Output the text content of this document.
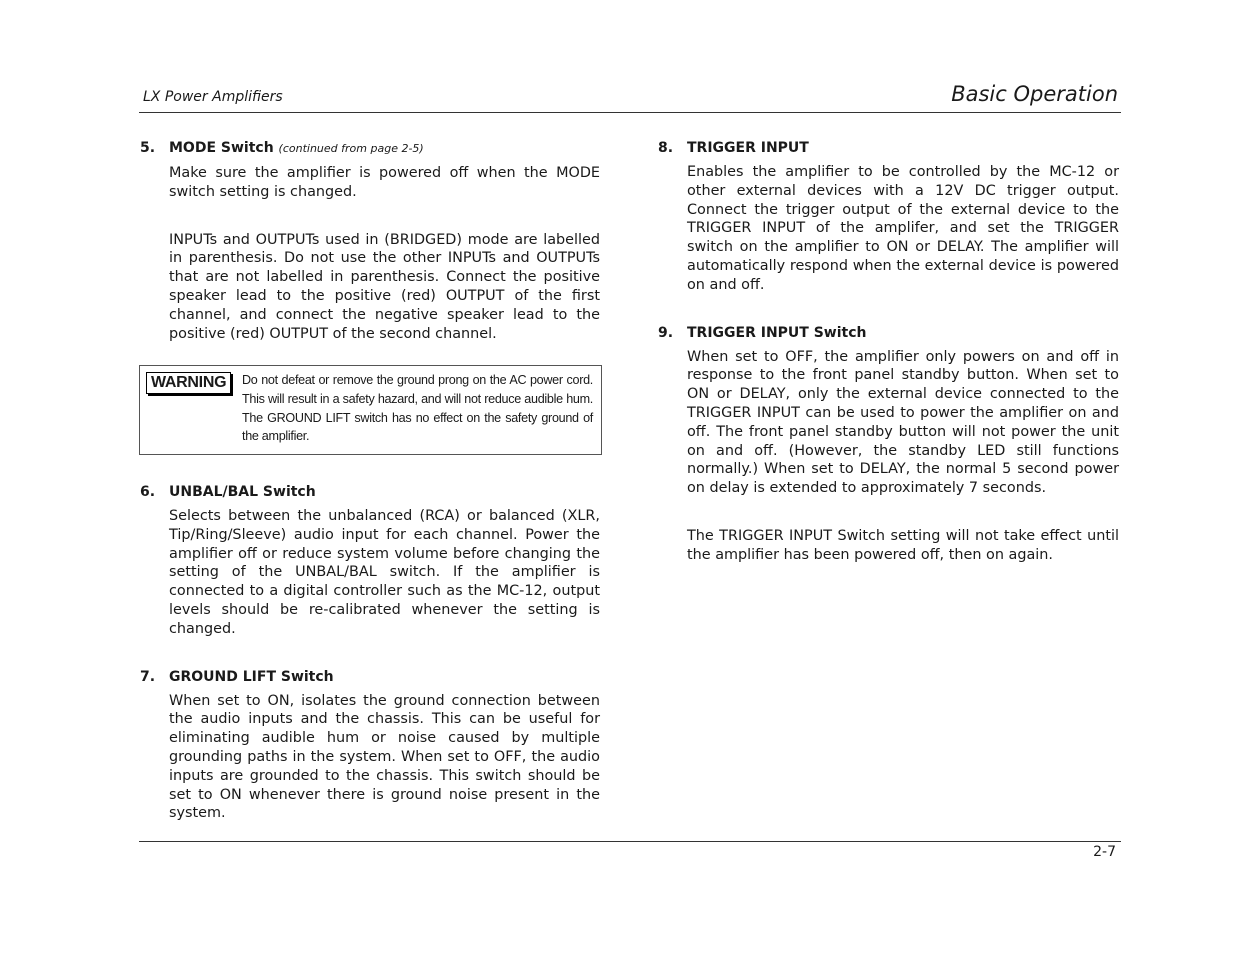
LX Power Amplifiers	Basic Operation
5. MODE Switch (continued from page 2-5)

Make sure the amplifier is powered off when the MODE switch setting is changed.

INPUTs and OUTPUTs used in (BRIDGED) mode are labelled in parenthesis. Do not use the other INPUTs and OUTPUTs that are not labelled in parenthesis. Connect the positive speaker lead to the positive (red) OUTPUT of the first channel, and connect the negative speaker lead to the positive (red) OUTPUT of the second channel.

WARNING	Do not defeat or remove the ground prong on the AC power cord. This will result in a safety hazard, and will not reduce audible hum. The GROUND LIFT switch has no effect on the safety ground of the amplifier.
6. UNBAL/BAL Switch

Selects between the unbalanced (RCA) or balanced (XLR, Tip/Ring/Sleeve) audio input for each channel. Power the amplifier off or reduce system volume before changing the setting of the UNBAL/BAL switch. If the amplifier is connected to a digital controller such as the MC-12, output levels should be re-calibrated whenever the setting is changed.

7. GROUND LIFT Switch

When set to ON, isolates the ground connection between the audio inputs and the chassis. This can be useful for eliminating audible hum or noise caused by multiple grounding paths in the system. When set to OFF, the audio inputs are grounded to the chassis. This switch should be set to ON whenever there is ground noise present in the system.

8. TRIGGER INPUT

Enables the amplifier to be controlled by the MC-12 or other external devices with a 12V DC trigger output. Connect the trigger output of the external device to the TRIGGER INPUT of the amplifer, and set the TRIGGER switch on the amplifier to ON or DELAY. The amplifier will automatically respond when the external device is powered on and off.

9. TRIGGER INPUT Switch

When set to OFF, the amplifier only powers on and off in response to the front panel standby button. When set to ON or DELAY, only the external device connected to the TRIGGER INPUT can be used to power the amplifier on and off. The front panel standby button will not power the unit on and off. (However, the standby LED still functions normally.) When set to DELAY, the normal 5 second power on delay is extended to approximately 7 seconds.

The TRIGGER INPUT Switch setting will not take effect until the amplifier has been powered off, then on again.

2-7
